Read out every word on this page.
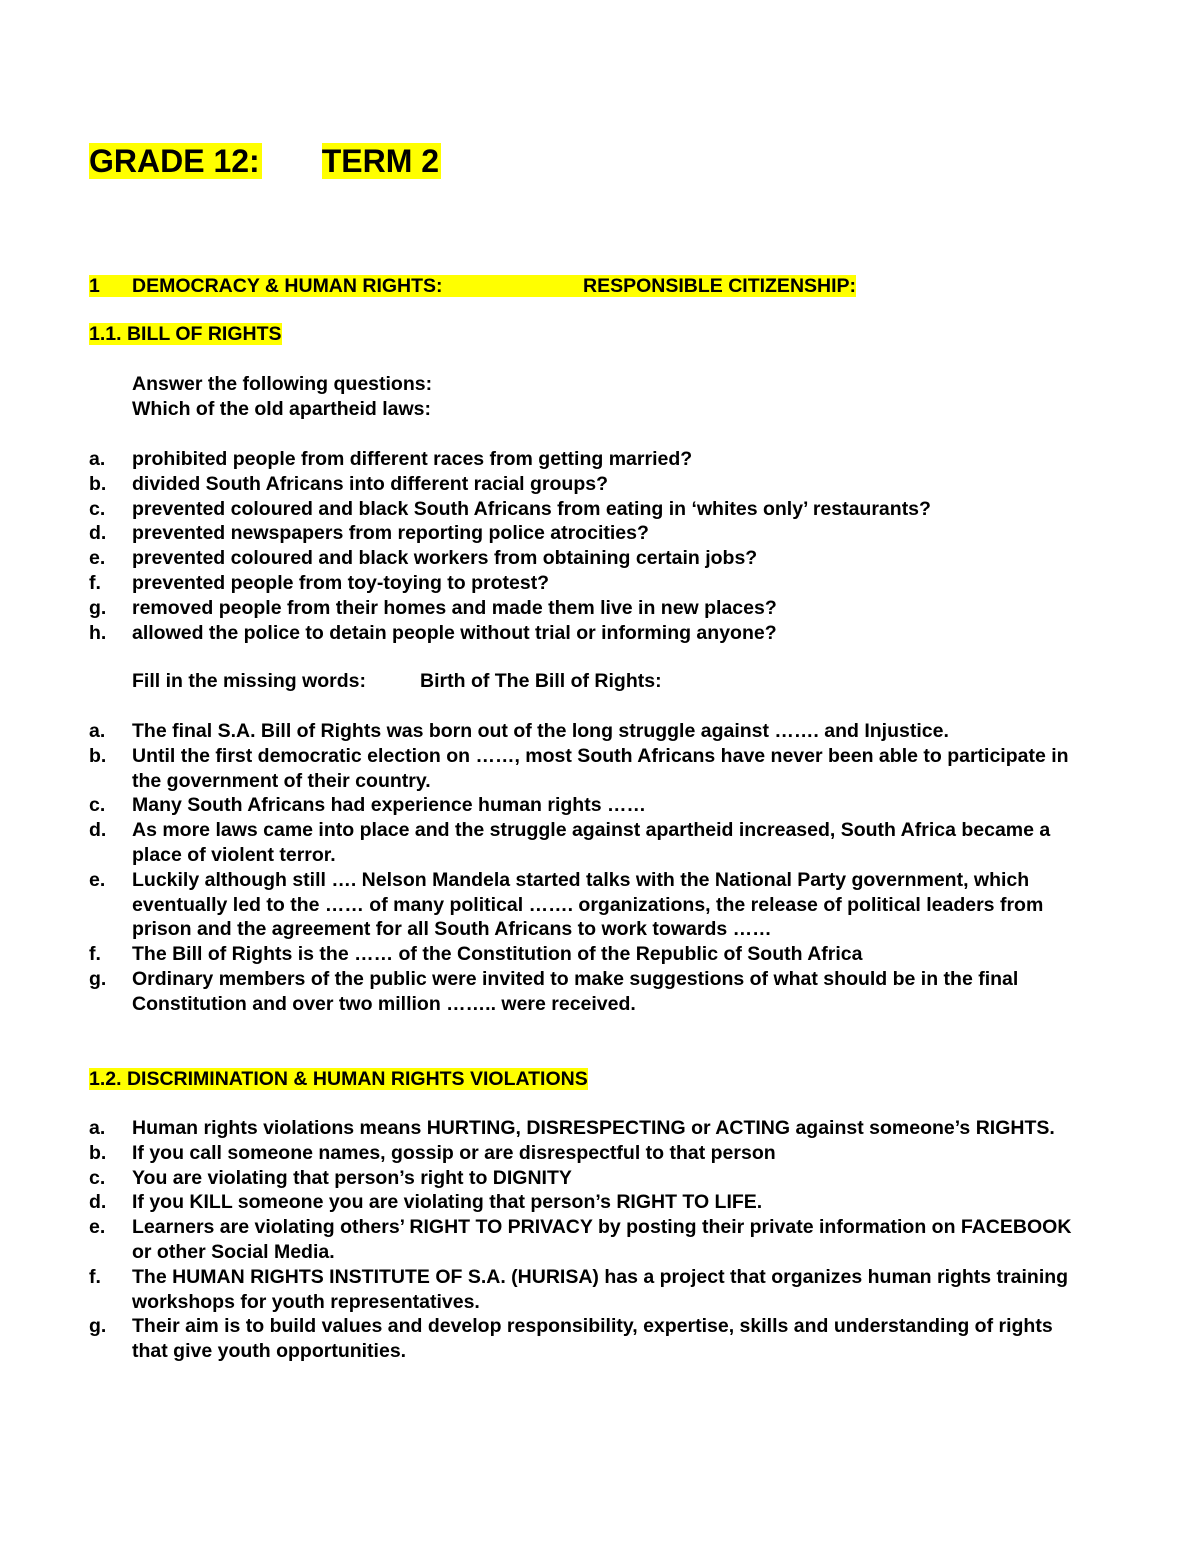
GRADE 12: TERM 2
1 DEMOCRACY & HUMAN RIGHTS:	RESPONSIBLE CITIZENSHIP:

1.1. BILL OF RIGHTS

Answer the following questions:
Which of the old apartheid laws:
a.	prohibited people from different races from getting married?
b.	divided South Africans into different racial groups?
c.	prevented coloured and black South Africans from eating in ‘whites only’ restaurants?
d.	prevented newspapers from reporting police atrocities?
e.	prevented coloured and black workers from obtaining certain jobs?
f.	prevented people from toy-toying to protest?
g.	removed people from their homes and made them live in new places?
h.	allowed the police to detain people without trial or informing anyone?
Fill in the missing words:	Birth of The Bill of Rights:
a.	The final S.A. Bill of Rights was born out of the long struggle against ……. and Injustice.
b.	Until the first democratic election on ……, most South Africans have never been able to participate in the government of their country.
c.	Many South Africans had experience human rights ……
d.	As more laws came into place and the struggle against apartheid increased, South Africa became a place of violent terror.
e.	Luckily although still …. Nelson Mandela started talks with the National Party government, which eventually led to the …… of many political ……. organizations, the release of political leaders from prison and the agreement for all South Africans to work towards ……
f.	The Bill of Rights is the …… of the Constitution of the Republic of South Africa
g.	Ordinary members of the public were invited to make suggestions of what should be in the final Constitution and over two million …….. were received.

1.2. DISCRIMINATION & HUMAN RIGHTS VIOLATIONS

a.	Human rights violations means HURTING, DISRESPECTING or ACTING against someone’s RIGHTS.
b.	If you call someone names, gossip or are disrespectful to that person
c.	You are violating that person’s right to DIGNITY
d.	If you KILL someone you are violating that person’s RIGHT TO LIFE.
e.	Learners are violating others’ RIGHT TO PRIVACY by posting their private information on FACEBOOK or other Social Media.
f.	The HUMAN RIGHTS INSTITUTE OF S.A. (HURISA) has a project that organizes human rights training workshops for youth representatives.
g.	Their aim is to build values and develop responsibility, expertise, skills and understanding of rights that give youth opportunities.
